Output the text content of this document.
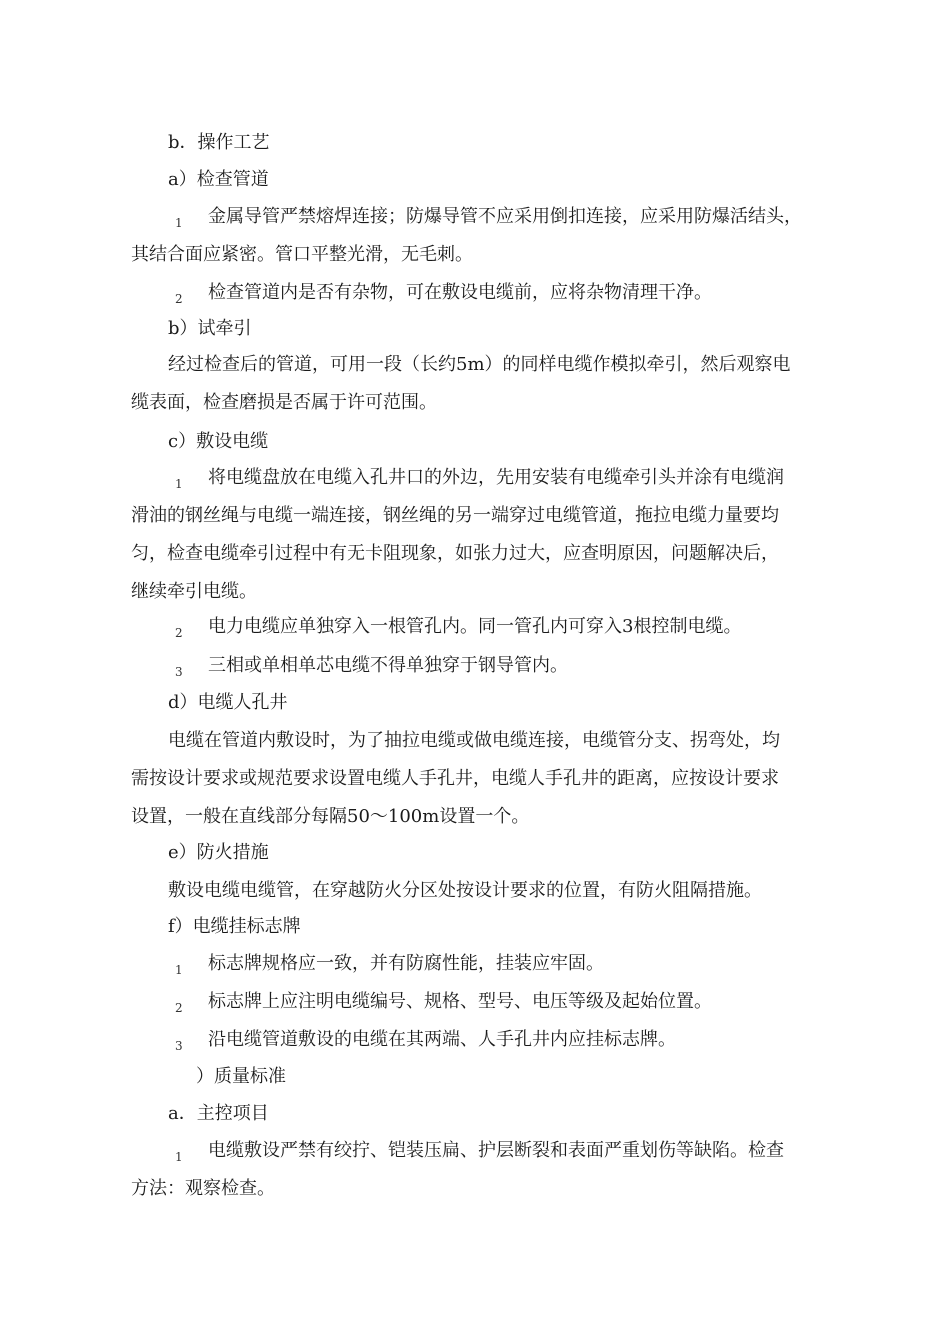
b．操作工艺
a）检查管道
1 金属导管严禁熔焊连接；防爆导管不应采用倒扣连接，应采用防爆活结头，
其结合面应紧密。管口平整光滑，无毛刺。
2 检查管道内是否有杂物，可在敷设电缆前，应将杂物清理干净。
b）试牵引
经过检查后的管道，可用一段（长约5m）的同样电缆作模拟牵引，然后观察电
缆表面，检查磨损是否属于许可范围。
c）敷设电缆
1 将电缆盘放在电缆入孔井口的外边，先用安装有电缆牵引头并涂有电缆润
滑油的钢丝绳与电缆一端连接，钢丝绳的另一端穿过电缆管道，拖拉电缆力量要均
匀，检查电缆牵引过程中有无卡阻现象，如张力过大，应查明原因，问题解决后，
继续牵引电缆。
2 电力电缆应单独穿入一根管孔内。同一管孔内可穿入3根控制电缆。
3 三相或单相单芯电缆不得单独穿于钢导管内。
d）电缆人孔井
电缆在管道内敷设时，为了抽拉电缆或做电缆连接，电缆管分支、拐弯处，均
需按设计要求或规范要求设置电缆人手孔井，电缆人手孔井的距离，应按设计要求
设置，一般在直线部分每隔50～100m设置一个。
e）防火措施
敷设电缆电缆管，在穿越防火分区处按设计要求的位置，有防火阻隔措施。
f）电缆挂标志牌
1 标志牌规格应一致，并有防腐性能，挂装应牢固。
2 标志牌上应注明电缆编号、规格、型号、电压等级及起始位置。
3 沿电缆管道敷设的电缆在其两端、人手孔井内应挂标志牌。
）质量标准
a．主控项目
1 电缆敷设严禁有绞拧、铠装压扁、护层断裂和表面严重划伤等缺陷。检查
方法：观察检查。
